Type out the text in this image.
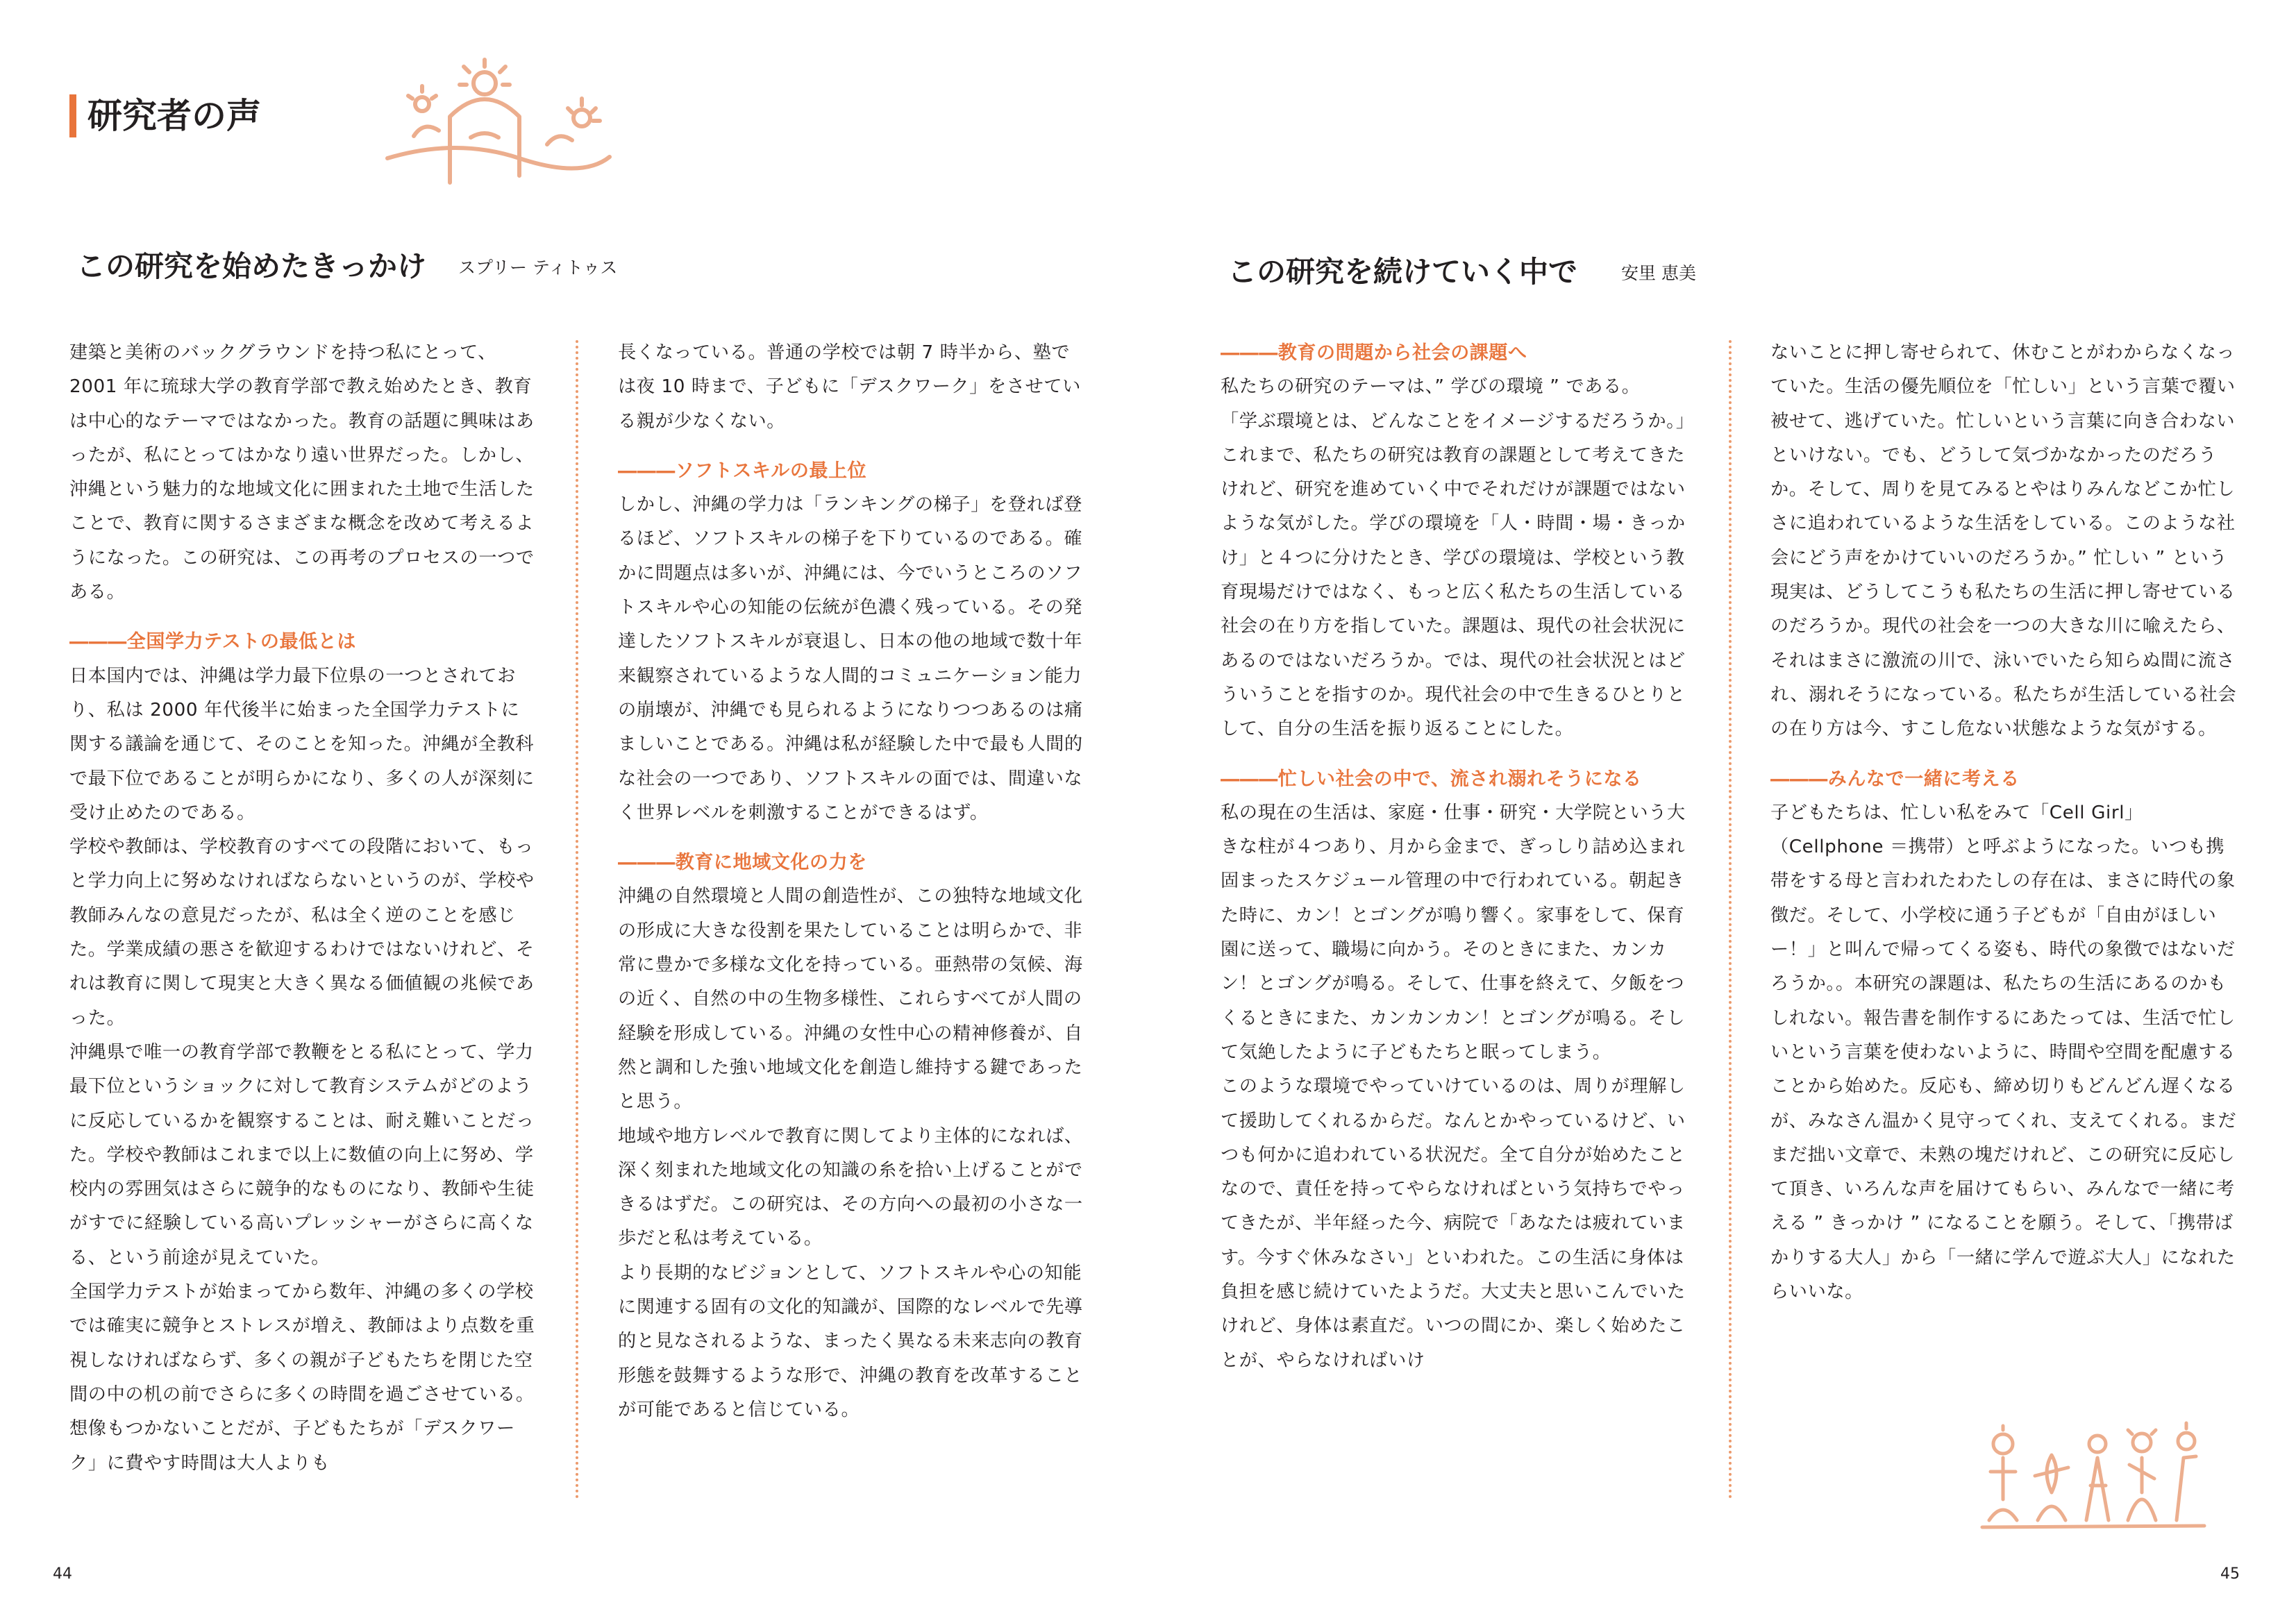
研究者の声
この研究を始めたきっかけ スプリー ティトゥス

建築と美術のバックグラウンドを持つ私にとって、2001 年に琉球大学の教育学部で教え始めたとき、教育は中心的なテーマではなかった。教育の話題に興味はあったが、私にとってはかなり遠い世界だった。しかし、沖縄という魅力的な地域文化に囲まれた土地で生活したことで、教育に関するさまざまな概念を改めて考えるようになった。この研究は、この再考のプロセスの一つである。

―――全国学力テストの最低とは

日本国内では、沖縄は学力最下位県の一つとされており、私は 2000 年代後半に始まった全国学力テストに関する議論を通じて、そのことを知った。沖縄が全教科で最下位であることが明らかになり、多くの人が深刻に受け止めたのである。

学校や教師は、学校教育のすべての段階において、もっと学力向上に努めなければならないというのが、学校や教師みんなの意見だったが、私は全く逆のことを感じた。学業成績の悪さを歓迎するわけではないけれど、それは教育に関して現実と大きく異なる価値観の兆候であった。

沖縄県で唯一の教育学部で教鞭をとる私にとって、学力最下位というショックに対して教育システムがどのように反応しているかを観察することは、耐え難いことだった。学校や教師はこれまで以上に数値の向上に努め、学校内の雰囲気はさらに競争的なものになり、教師や生徒がすでに経験している高いプレッシャーがさらに高くなる、という前途が見えていた。

全国学力テストが始まってから数年、沖縄の多くの学校では確実に競争とストレスが増え、教師はより点数を重視しなければならず、多くの親が子どもたちを閉じた空間の中の机の前でさらに多くの時間を過ごさせている。想像もつかないことだが、子どもたちが「デスクワーク」に費やす時間は大人よりも

長くなっている。普通の学校では朝 7 時半から、塾では夜 10 時まで、子どもに「デスクワーク」をさせている親が少なくない。

―――ソフトスキルの最上位

しかし、沖縄の学力は「ランキングの梯子」を登れば登るほど、ソフトスキルの梯子を下りているのである。確かに問題点は多いが、沖縄には、今でいうところのソフトスキルや心の知能の伝統が色濃く残っている。その発達したソフトスキルが衰退し、日本の他の地域で数十年来観察されているような人間的コミュニケーション能力の崩壊が、沖縄でも見られるようになりつつあるのは痛ましいことである。沖縄は私が経験した中で最も人間的な社会の一つであり、ソフトスキルの面では、間違いなく世界レベルを刺激することができるはず。

―――教育に地域文化の力を

沖縄の自然環境と人間の創造性が、この独特な地域文化の形成に大きな役割を果たしていることは明らかで、非常に豊かで多様な文化を持っている。亜熱帯の気候、海の近く、自然の中の生物多様性、これらすべてが人間の経験を形成している。沖縄の女性中心の精神修養が、自然と調和した強い地域文化を創造し維持する鍵であったと思う。

地域や地方レベルで教育に関してより主体的になれば、深く刻まれた地域文化の知識の糸を拾い上げることができるはずだ。この研究は、その方向への最初の小さな一歩だと私は考えている。

より長期的なビジョンとして、ソフトスキルや心の知能に関連する固有の文化的知識が、国際的なレベルで先導的と見なされるような、まったく異なる未来志向の教育形態を鼓舞するような形で、沖縄の教育を改革することが可能であると信じている。

この研究を続けていく中で	安里 恵美
―――教育の問題から社会の課題へ

私たちの研究のテーマは、” 学びの環境 ” である。

「学ぶ環境とは、どんなことをイメージするだろうか。」

これまで、私たちの研究は教育の課題として考えてきたけれど、研究を進めていく中でそれだけが課題ではないような気がした。学びの環境を「人・時間・場・きっかけ」と４つに分けたとき、学びの環境は、学校という教育現場だけではなく、もっと広く私たちの生活している社会の在り方を指していた。課題は、現代の社会状況にあるのではないだろうか。では、現代の社会状況とはどういうことを指すのか。現代社会の中で生きるひとりとして、自分の生活を振り返ることにした。

―――忙しい社会の中で、流され溺れそうになる

私の現在の生活は、家庭・仕事・研究・大学院という大きな柱が４つあり、月から金まで、ぎっしり詰め込まれ固まったスケジュール管理の中で行われている。朝起きた時に、カン！とゴングが鳴り響く。家事をして、保育園に送って、職場に向かう。そのときにまた、カンカン！とゴングが鳴る。そして、仕事を終えて、夕飯をつくるときにまた、カンカンカン！とゴングが鳴る。そして気絶したように子どもたちと眠ってしまう。

このような環境でやっていけているのは、周りが理解して援助してくれるからだ。なんとかやっているけど、いつも何かに追われている状況だ。全て自分が始めたことなので、責任を持ってやらなければという気持ちでやってきたが、半年経った今、病院で「あなたは疲れています。今すぐ休みなさい」といわれた。この生活に身体は負担を感じ続けていたようだ。大丈夫と思いこんでいたけれど、身体は素直だ。いつの間にか、楽しく始めたことが、やらなければいけ

ないことに押し寄せられて、休むことがわからなくなっていた。生活の優先順位を「忙しい」という言葉で覆い被せて、逃げていた。忙しいという言葉に向き合わないといけない。でも、どうして気づかなかったのだろうか。そして、周りを見てみるとやはりみんなどこか忙しさに追われているような生活をしている。このような社会にどう声をかけていいのだろうか。” 忙しい ” という現実は、どうしてこうも私たちの生活に押し寄せているのだろうか。現代の社会を一つの大きな川に喩えたら、それはまさに激流の川で、泳いでいたら知らぬ間に流され、溺れそうになっている。私たちが生活している社会の在り方は今、すこし危ない状態なような気がする。

―――みんなで一緒に考える

子どもたちは、忙しい私をみて「Cell Girl」（Cellphone ＝携帯）と呼ぶようになった。いつも携帯をする母と言われたわたしの存在は、まさに時代の象徴だ。そして、小学校に通う子どもが「自由がほしいー！」と叫んで帰ってくる姿も、時代の象徴ではないだろうか。。本研究の課題は、私たちの生活にあるのかもしれない。報告書を制作するにあたっては、生活で忙しいという言葉を使わないように、時間や空間を配慮することから始めた。反応も、締め切りもどんどん遅くなるが、みなさん温かく見守ってくれ、支えてくれる。まだまだ拙い文章で、未熟の塊だけれど、この研究に反応して頂き、いろんな声を届けてもらい、みんなで一緒に考える ” きっかけ ” になることを願う。そして、「携帯ばかりする大人」から「一緒に学んで遊ぶ大人」になれたらいいな。

44	45
